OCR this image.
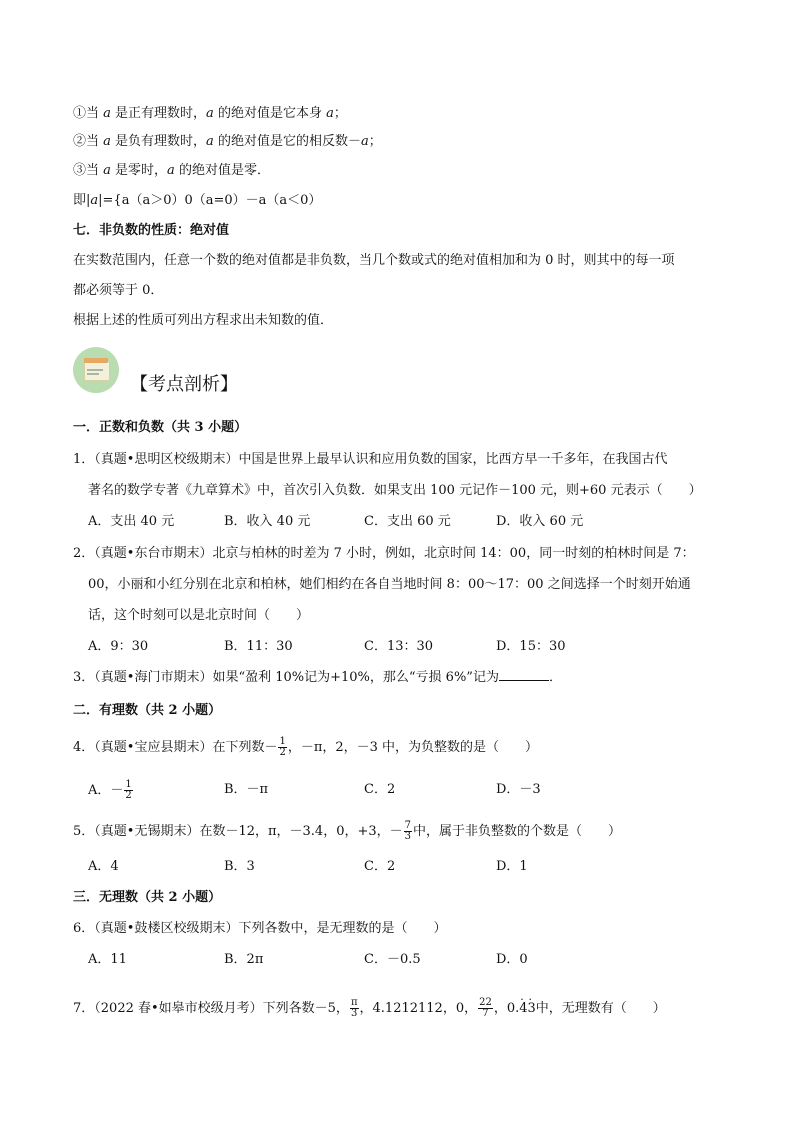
①当 a 是正有理数时，a 的绝对值是它本身 a；
②当 a 是负有理数时，a 的绝对值是它的相反数－a；
③当 a 是零时，a 的绝对值是零．
即|a|={a（a＞0）0（a=0）－a（a＜0）
七．非负数的性质：绝对值
在实数范围内，任意一个数的绝对值都是非负数，当几个数或式的绝对值相加和为 0 时，则其中的每一项
都必须等于 0．
根据上述的性质可列出方程求出未知数的值．
【考点剖析】
一．正数和负数（共 3 小题）
1．（真题•思明区校级期末）中国是世界上最早认识和应用负数的国家，比西方早一千多年，在我国古代
著名的数学专著《九章算术》中，首次引入负数．如果支出 100 元记作－100 元，则+60 元表示（　　）
A．支出 40 元	B．收入 40 元	C．支出 60 元	D．收入 60 元
2．（真题•东台市期末）北京与柏林的时差为 7 小时，例如，北京时间 14：00，同一时刻的柏林时间是 7：
00，小丽和小红分别在北京和柏林，她们相约在各自当地时间 8：00～17：00 之间选择一个时刻开始通
话，这个时刻可以是北京时间（　　）
A．9：30	B．11：30	C．13：30	D．15：30
3．（真题•海门市期末）如果“盈利 10%记为+10%，那么“亏损 6%”记为	．
二．有理数（共 2 小题）
4．（真题•宝应县期末）在下列数－ $\frac{1}{2}$ ，－π，2，－3 中，为负整数的是（　　）
A．－ $\frac{1}{2}$	B．－π	C．2	D．－3
5．（真题•无锡期末）在数－12，π，－3.4，0，+3，－ $\frac{7}{3}$ 中，属于非负整数的个数是（　　）
A．4	B．3	C．2	D．1
三．无理数（共 2 小题）
6．（真题•鼓楼区校级期末）下列各数中，是无理数的是（　　）
A．11	B．2π	C．－0.5	D．0
7．（2022 春•如皋市校级月考）下列各数－5， $\frac{\pi}{3}$ ，4.1212112，0， $\frac{22}{7}$ ，0.· 4· 3中，无理数有（　　）
